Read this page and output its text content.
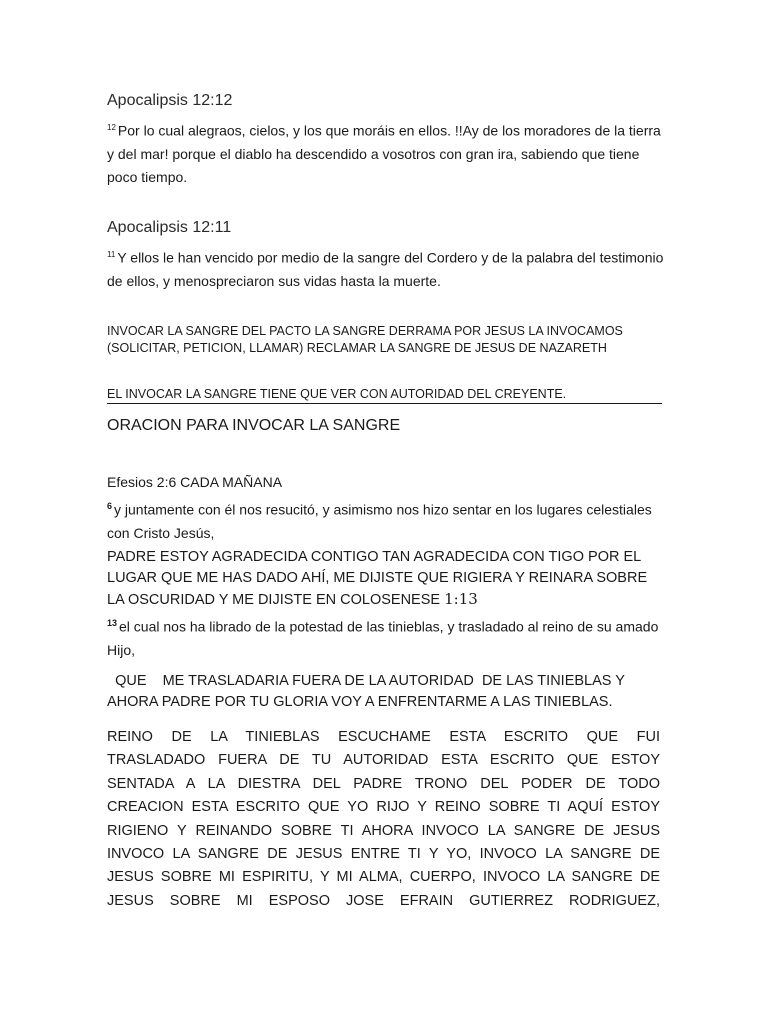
Apocalipsis 12:12
$^{12}$ Por lo cual alegraos, cielos, y los que moráis en ellos. !!Ay de los moradores de la tierra y del mar! porque el diablo ha descendido a vosotros con gran ira, sabiendo que tiene poco tiempo.
Apocalipsis 12:11
$^{11}$ Y ellos le han vencido por medio de la sangre del Cordero y de la palabra del testimonio de ellos, y menospreciaron sus vidas hasta la muerte.
INVOCAR LA SANGRE DEL PACTO LA SANGRE DERRAMA POR JESUS LA INVOCAMOS (SOLICITAR, PETICION, LLAMAR) RECLAMAR LA SANGRE DE JESUS DE NAZARETH
EL INVOCAR LA SANGRE TIENE QUE VER CON AUTORIDAD DEL CREYENTE.
ORACION PARA INVOCAR LA SANGRE
Efesios 2:6 CADA MAÑANA
$^6$ y juntamente con él nos resucitó, y asimismo nos hizo sentar en los lugares celestiales con Cristo Jesús,
PADRE ESTOY AGRADECIDA CONTIGO TAN AGRADECIDA CON TIGO POR EL LUGAR QUE ME HAS DADO AHÍ, ME DIJISTE QUE RIGIERA Y REINARA SOBRE LA OSCURIDAD Y ME DIJISTE EN COLOSENESE 1:13
$^{13}$ el cual nos ha librado de la potestad de las tinieblas, y trasladado al reino de su amado Hijo,
QUE    ME TRASLADARIA FUERA DE LA AUTORIDAD  DE LAS TINIEBLAS Y AHORA PADRE POR TU GLORIA VOY A ENFRENTARME A LAS TINIEBLAS.
REINO DE LA TINIEBLAS ESCUCHAME ESTA ESCRITO QUE FUI
TRASLADADO FUERA DE TU AUTORIDAD ESTA ESCRITO QUE ESTOY
SENTADA A LA DIESTRA DEL PADRE TRONO DEL PODER DE TODO
CREACION ESTA ESCRITO QUE YO RIJO Y REINO SOBRE TI AQUÍ ESTOY
RIGIENO Y REINANDO SOBRE TI AHORA INVOCO LA SANGRE DE JESUS
INVOCO LA SANGRE DE JESUS ENTRE TI Y YO, INVOCO LA SANGRE DE
JESUS SOBRE MI ESPIRITU, Y MI ALMA, CUERPO, INVOCO LA SANGRE DE
JESUS SOBRE MI ESPOSO JOSE EFRAIN GUTIERREZ RODRIGUEZ,
